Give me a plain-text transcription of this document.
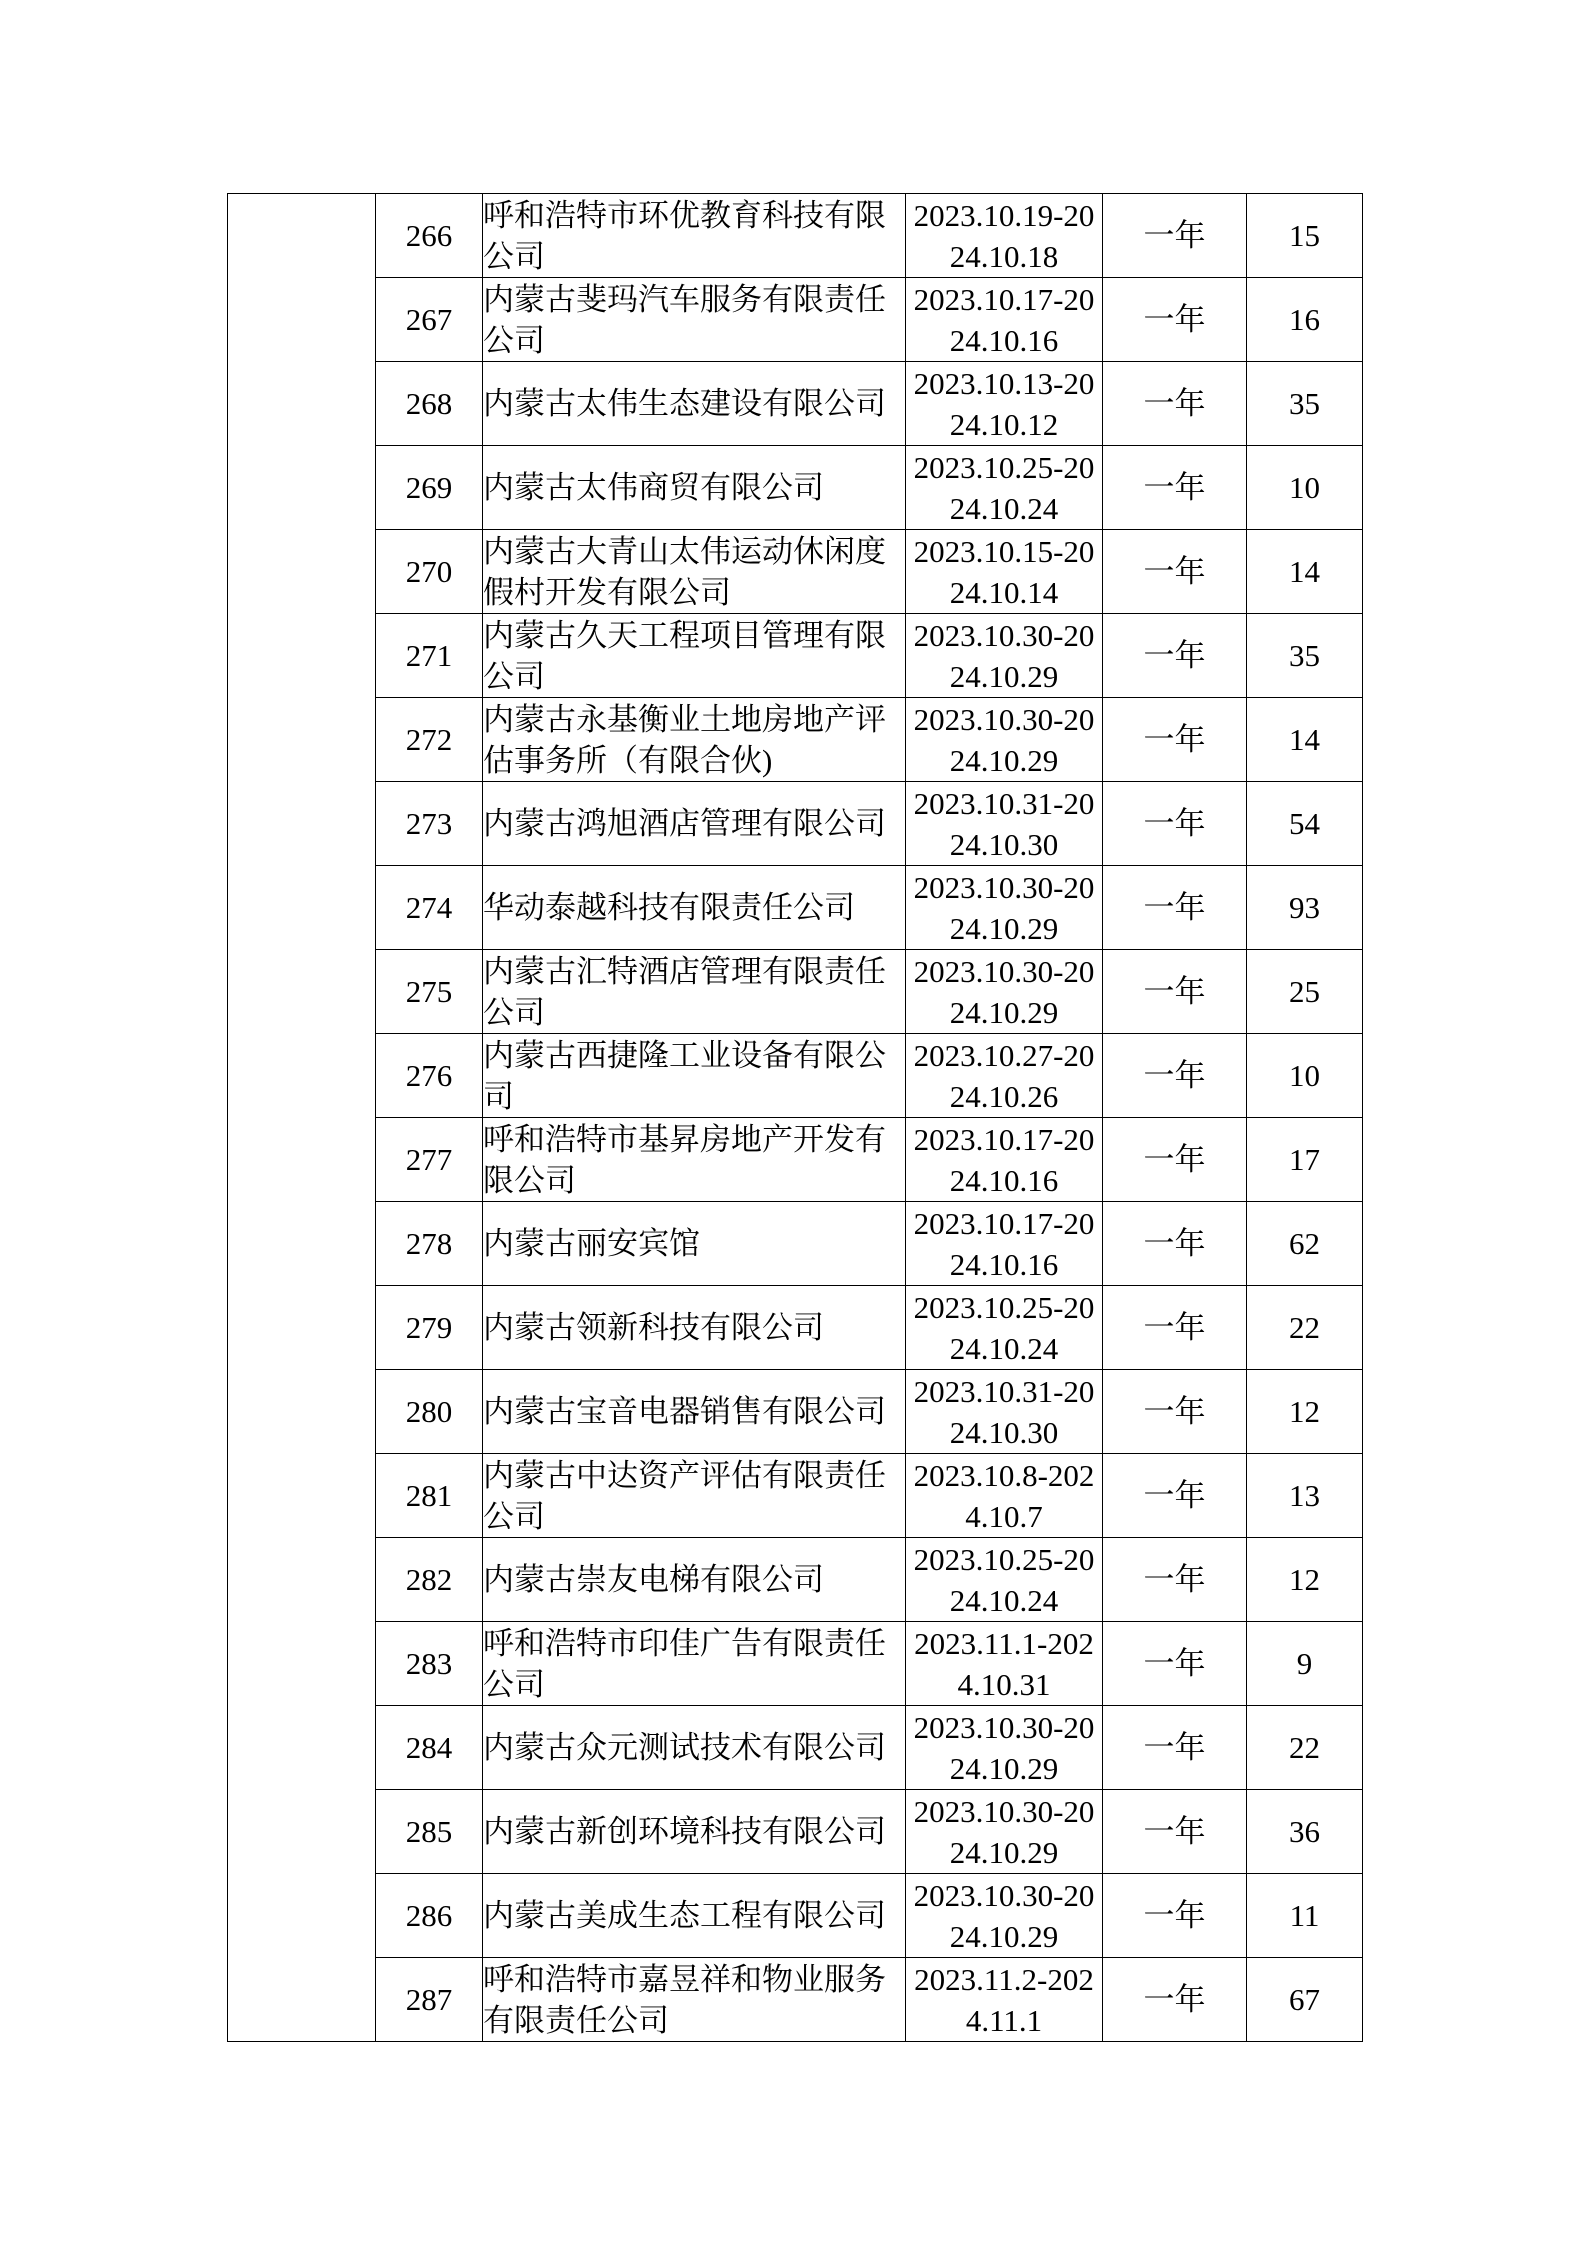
	266	呼和浩特市环优教育科技有限公司	2023.10.19-2024.10.18	一年	15
	267	内蒙古斐玛汽车服务有限责任公司	2023.10.17-2024.10.16	一年	16
	268	内蒙古太伟生态建设有限公司	2023.10.13-2024.10.12	一年	35
	269	内蒙古太伟商贸有限公司	2023.10.25-2024.10.24	一年	10
	270	内蒙古大青山太伟运动休闲度假村开发有限公司	2023.10.15-2024.10.14	一年	14
	271	内蒙古久天工程项目管理有限公司	2023.10.30-2024.10.29	一年	35
	272	内蒙古永基衡业土地房地产评估事务所（有限合伙)	2023.10.30-2024.10.29	一年	14
	273	内蒙古鸿旭酒店管理有限公司	2023.10.31-2024.10.30	一年	54
	274	华动泰越科技有限责任公司	2023.10.30-2024.10.29	一年	93
	275	内蒙古汇特酒店管理有限责任公司	2023.10.30-2024.10.29	一年	25
	276	内蒙古西捷隆工业设备有限公司	2023.10.27-2024.10.26	一年	10
	277	呼和浩特市基昇房地产开发有限公司	2023.10.17-2024.10.16	一年	17
	278	内蒙古丽安宾馆	2023.10.17-2024.10.16	一年	62
	279	内蒙古领新科技有限公司	2023.10.25-2024.10.24	一年	22
	280	内蒙古宝音电器销售有限公司	2023.10.31-2024.10.30	一年	12
	281	内蒙古中达资产评估有限责任公司	2023.10.8-2024.10.7	一年	13
	282	内蒙古崇友电梯有限公司	2023.10.25-2024.10.24	一年	12
	283	呼和浩特市印佳广告有限责任公司	2023.11.1-2024.10.31	一年	9
	284	内蒙古众元测试技术有限公司	2023.10.30-2024.10.29	一年	22
	285	内蒙古新创环境科技有限公司	2023.10.30-2024.10.29	一年	36
	286	内蒙古美成生态工程有限公司	2023.10.30-2024.10.29	一年	11
	287	呼和浩特市嘉昱祥和物业服务有限责任公司	2023.11.2-2024.11.1	一年	67
